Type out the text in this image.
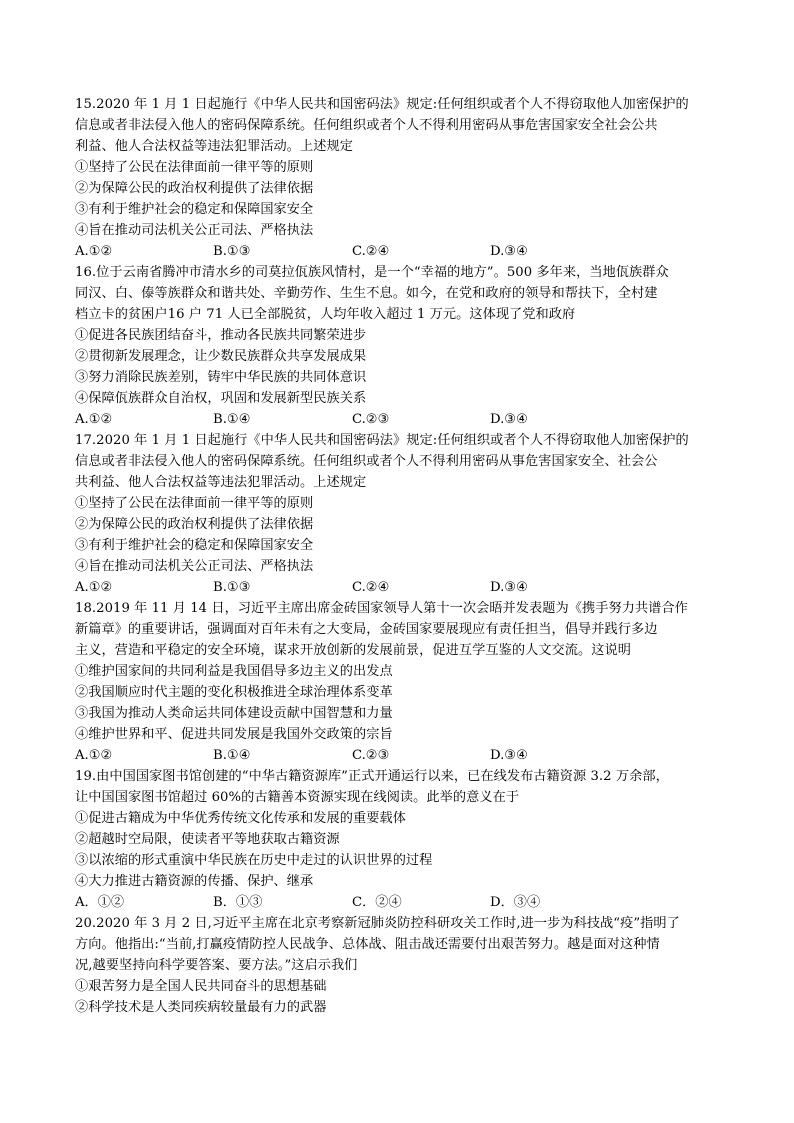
15.2020 年 1 月 1 日起施行《中华人民共和国密码法》规定:任何组织或者个人不得窃取他人加密保护的
信息或者非法侵入他人的密码保障系统。任何组织或者个人不得利用密码从事危害国家安全社会公共
利益、他人合法权益等违法犯罪活动。上述规定
①坚持了公民在法律面前一律平等的原则
②为保障公民的政治权利提供了法律依据
③有利于维护社会的稳定和保障国家安全
④旨在推动司法机关公正司法、严格执法
A.①②	B.①③	C.②④	D.③④
16.位于云南省腾冲市清水乡的司莫拉佤族风情村，是一个“幸福的地方”。500 多年来，当地佤族群众
同汉、白、傣等族群众和谐共处、辛勤劳作、生生不息。如今，在党和政府的领导和帮扶下，全村建
档立卡的贫困户16 户 71 人已全部脱贫，人均年收入超过 1 万元。这体现了党和政府
①促进各民族团结奋斗，推动各民族共同繁荣进步
②贯彻新发展理念，让少数民族群众共享发展成果
③努力消除民族差别，铸牢中华民族的共同体意识
④保障佤族群众自治权，巩固和发展新型民族关系
A.①②	B.①④	C.②③	D.③④
17.2020 年 1 月 1 日起施行《中华人民共和国密码法》规定:任何组织或者个人不得窃取他人加密保护的
信息或者非法侵入他人的密码保障系统。任何组织或者个人不得利用密码从事危害国家安全、社会公
共利益、他人合法权益等违法犯罪活动。上述规定
①坚持了公民在法律面前一律平等的原则
②为保障公民的政治权利提供了法律依据
③有利于维护社会的稳定和保障国家安全
④旨在推动司法机关公正司法、严格执法
A.①②	B.①③	C.②④	D.③④
18.2019 年 11 月 14 日，习近平主席出席金砖国家领导人第十一次会晤并发表题为《携手努力共谱合作
新篇章》的重要讲话，强调面对百年未有之大变局，金砖国家要展现应有责任担当，倡导并践行多边
主义，营造和平稳定的安全环境，谋求开放创新的发展前景，促进互学互鉴的人文交流。这说明
①维护国家间的共同利益是我国倡导多边主义的出发点
②我国顺应时代主题的变化积极推进全球治理体系变革
③我国为推动人类命运共同体建设贡献中国智慧和力量
④维护世界和平、促进共同发展是我国外交政策的宗旨
A.①②	B.①④	C.②③	D.③④
19.由中国国家图书馆创建的“中华古籍资源库”正式开通运行以来，已在线发布古籍资源 3.2 万余部，
让中国国家图书馆超过 60%的古籍善本资源实现在线阅读。此举的意义在于
①促进古籍成为中华优秀传统文化传承和发展的重要载体
②超越时空局限，使读者平等地获取古籍资源
③以浓缩的形式重演中华民族在历史中走过的认识世界的过程
④大力推进古籍资源的传播、保护、继承
A．①②	B．①③	C．②④	D．③④
20.2020 年 3 月 2 日,习近平主席在北京考察新冠肺炎防控科研攻关工作时,进一步为科技战“疫”指明了
方向。他指出:“当前,打赢疫情防控人民战争、总体战、阻击战还需要付出艰苦努力。越是面对这种情
况,越要坚持向科学要答案、要方法。”这启示我们
①艰苦努力是全国人民共同奋斗的思想基础
②科学技术是人类同疾病较量最有力的武器
